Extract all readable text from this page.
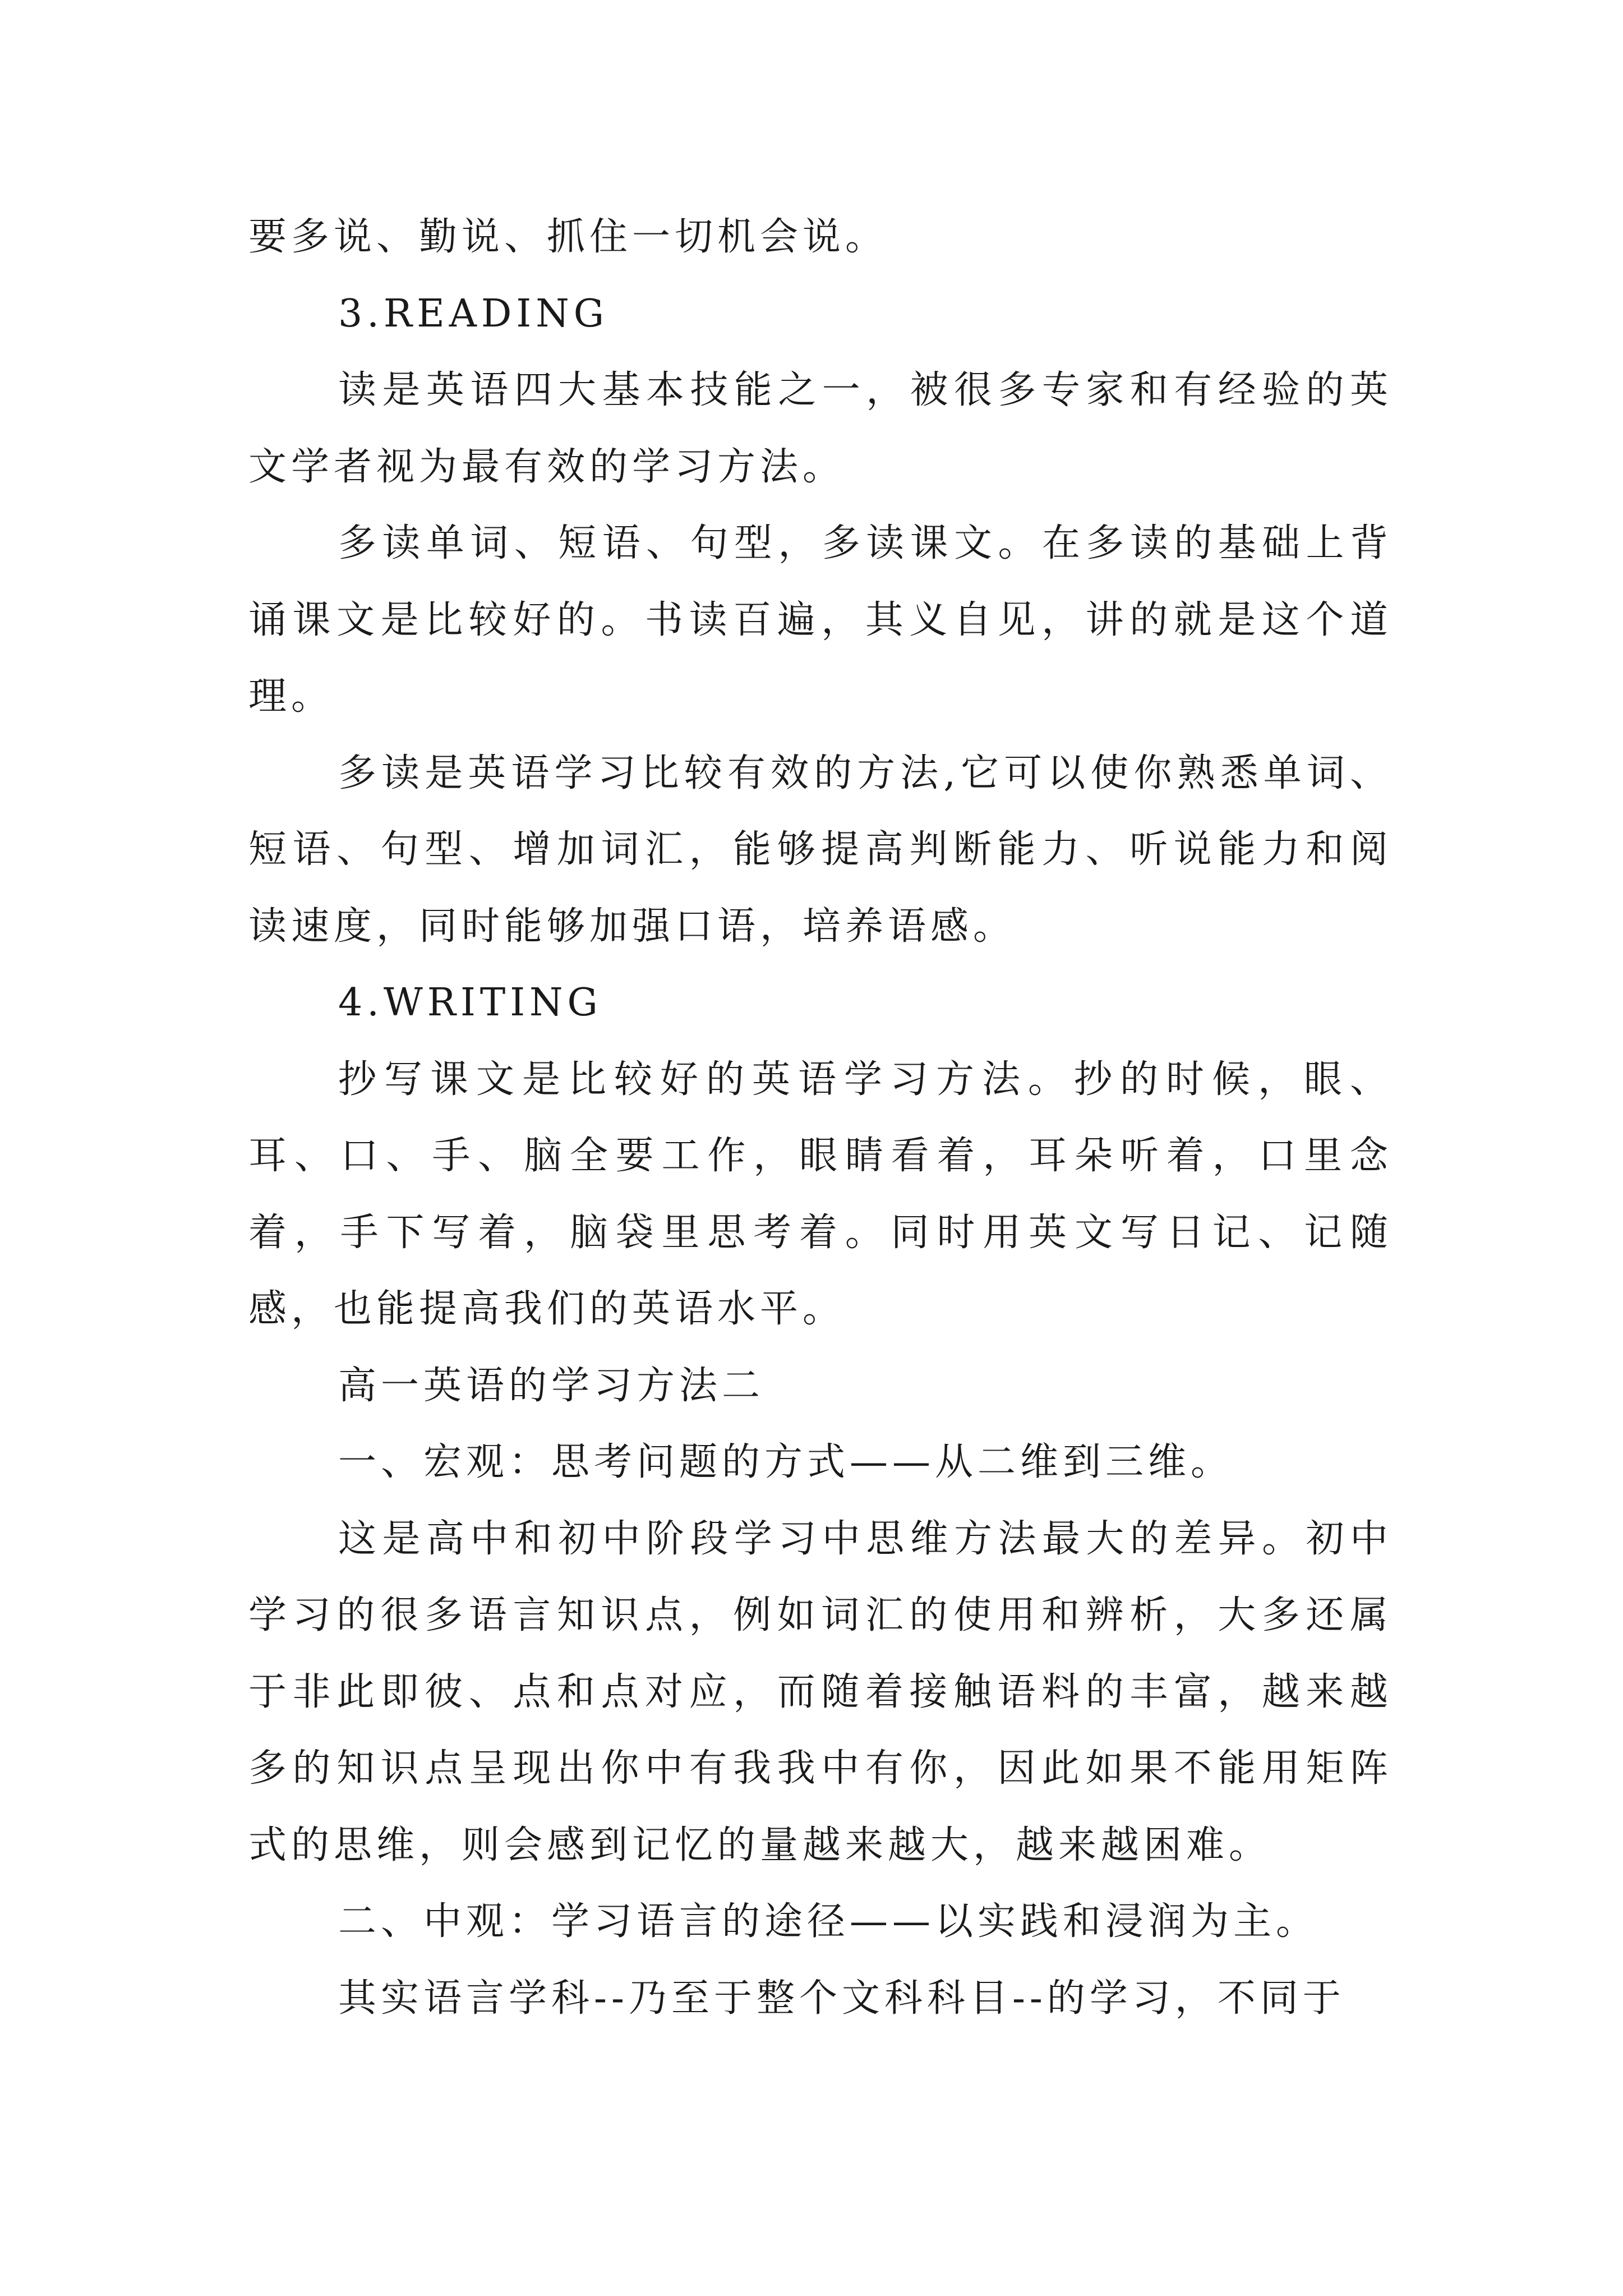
要多说、勤说、抓住一切机会说。

3.READING

读是英语四大基本技能之一，被很多专家和有经验的英文学者视为最有效的学习方法。

多读单词、短语、句型，多读课文。在多读的基础上背诵课文是比较好的。书读百遍，其义自见，讲的就是这个道理。

多读是英语学习比较有效的方法,它可以使你熟悉单词、短语、句型、增加词汇，能够提高判断能力、听说能力和阅读速度，同时能够加强口语，培养语感。

4.WRITING

抄写课文是比较好的英语学习方法。抄的时候，眼、耳、口、手、脑全要工作，眼睛看着，耳朵听着，口里念着，手下写着，脑袋里思考着。同时用英文写日记、记随感，也能提高我们的英语水平。

高一英语的学习方法二

一、宏观：思考问题的方式——从二维到三维。

这是高中和初中阶段学习中思维方法最大的差异。初中学习的很多语言知识点，例如词汇的使用和辨析，大多还属于非此即彼、点和点对应，而随着接触语料的丰富，越来越多的知识点呈现出你中有我我中有你，因此如果不能用矩阵式的思维，则会感到记忆的量越来越大，越来越困难。

二、中观：学习语言的途径——以实践和浸润为主。

其实语言学科--乃至于整个文科科目--的学习，不同于
